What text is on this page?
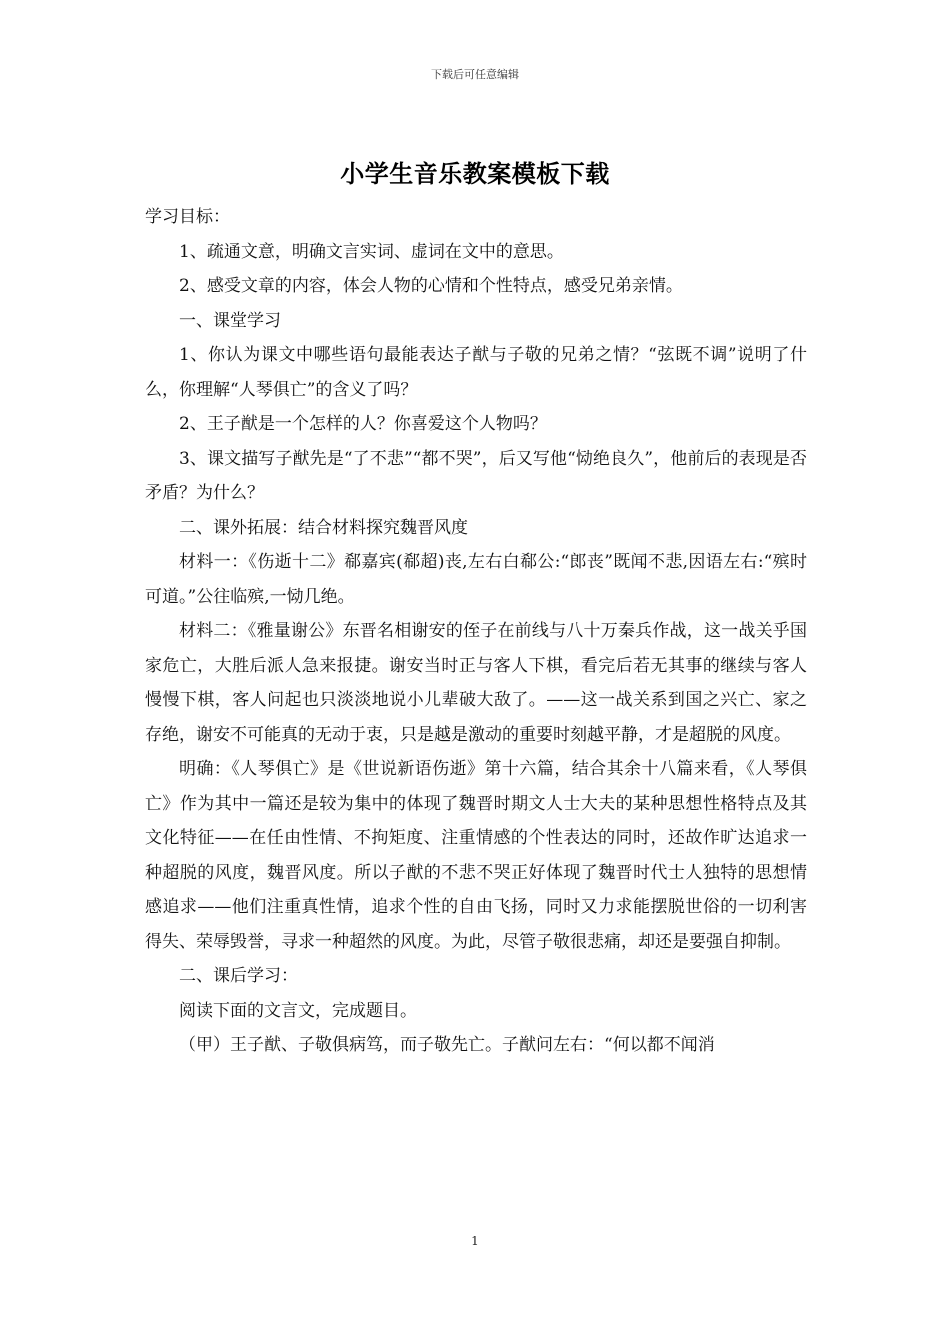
下载后可任意编辑
小学生音乐教案模板下载

学习目标：

1、疏通文意，明确文言实词、虚词在文中的意思。

2、感受文章的内容，体会人物的心情和个性特点，感受兄弟亲情。

一、课堂学习

1、你认为课文中哪些语句最能表达子猷与子敬的兄弟之情？“弦既不调”说明了什么，你理解“人琴俱亡”的含义了吗？

2、王子猷是一个怎样的人？你喜爱这个人物吗？

3、课文描写子猷先是“了不悲”“都不哭”，后又写他“恸绝良久”，他前后的表现是否矛盾？为什么？

二、课外拓展：结合材料探究魏晋风度

材料一：《伤逝十二》郗嘉宾(郗超)丧,左右白郗公:“郎丧”既闻不悲,因语左右:“殡时可道。”公往临殡,一恸几绝。

材料二：《雅量谢公》东晋名相谢安的侄子在前线与八十万秦兵作战，这一战关乎国家危亡，大胜后派人急来报捷。谢安当时正与客人下棋，看完后若无其事的继续与客人慢慢下棋，客人问起也只淡淡地说小儿辈破大敌了。——这一战关系到国之兴亡、家之存绝，谢安不可能真的无动于衷，只是越是激动的重要时刻越平静，才是超脱的风度。

明确：《人琴俱亡》是《世说新语伤逝》第十六篇，结合其余十八篇来看，《人琴俱亡》作为其中一篇还是较为集中的体现了魏晋时期文人士大夫的某种思想性格特点及其文化特征——在任由性情、不拘矩度、注重情感的个性表达的同时，还故作旷达追求一种超脱的风度，魏晋风度。所以子猷的不悲不哭正好体现了魏晋时代士人独特的思想情感追求——他们注重真性情，追求个性的自由飞扬，同时又力求能摆脱世俗的一切利害得失、荣辱毁誉，寻求一种超然的风度。为此，尽管子敬很悲痛，却还是要强自抑制。

二、课后学习：

阅读下面的文言文，完成题目。

（甲）王子猷、子敬俱病笃，而子敬先亡。子猷问左右：“何以都不闻消

1
